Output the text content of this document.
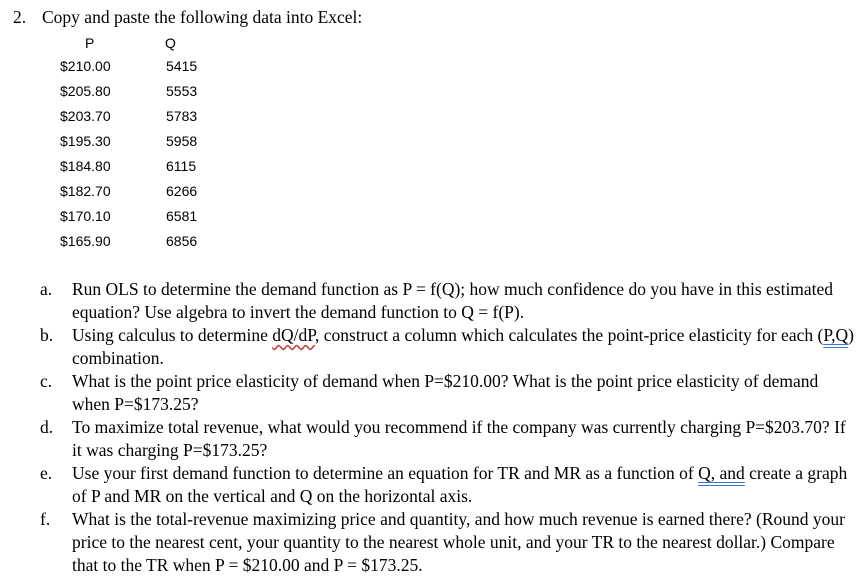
2. Copy and paste the following data into Excel:
P	Q
$210.00	5415
$205.80	5553
$203.70	5783
$195.30	5958
$184.80	6115
$182.70	6266
$170.10	6581
$165.90	6856
a. Run OLS to determine the demand function as P = f(Q); how much confidence do you have in this estimated equation? Use algebra to invert the demand function to Q = f(P).
b. Using calculus to determine dQ/dP, construct a column which calculates the point-price elasticity for each (P,Q) combination.
c. What is the point price elasticity of demand when P=$210.00? What is the point price elasticity of demand when P=$173.25?
d. To maximize total revenue, what would you recommend if the company was currently charging P=$203.70? If it was charging P=$173.25?
e. Use your first demand function to determine an equation for TR and MR as a function of Q, and create a graph of P and MR on the vertical and Q on the horizontal axis.
f. What is the total-revenue maximizing price and quantity, and how much revenue is earned there? (Round your price to the nearest cent, your quantity to the nearest whole unit, and your TR to the nearest dollar.) Compare that to the TR when P = $210.00 and P = $173.25.
